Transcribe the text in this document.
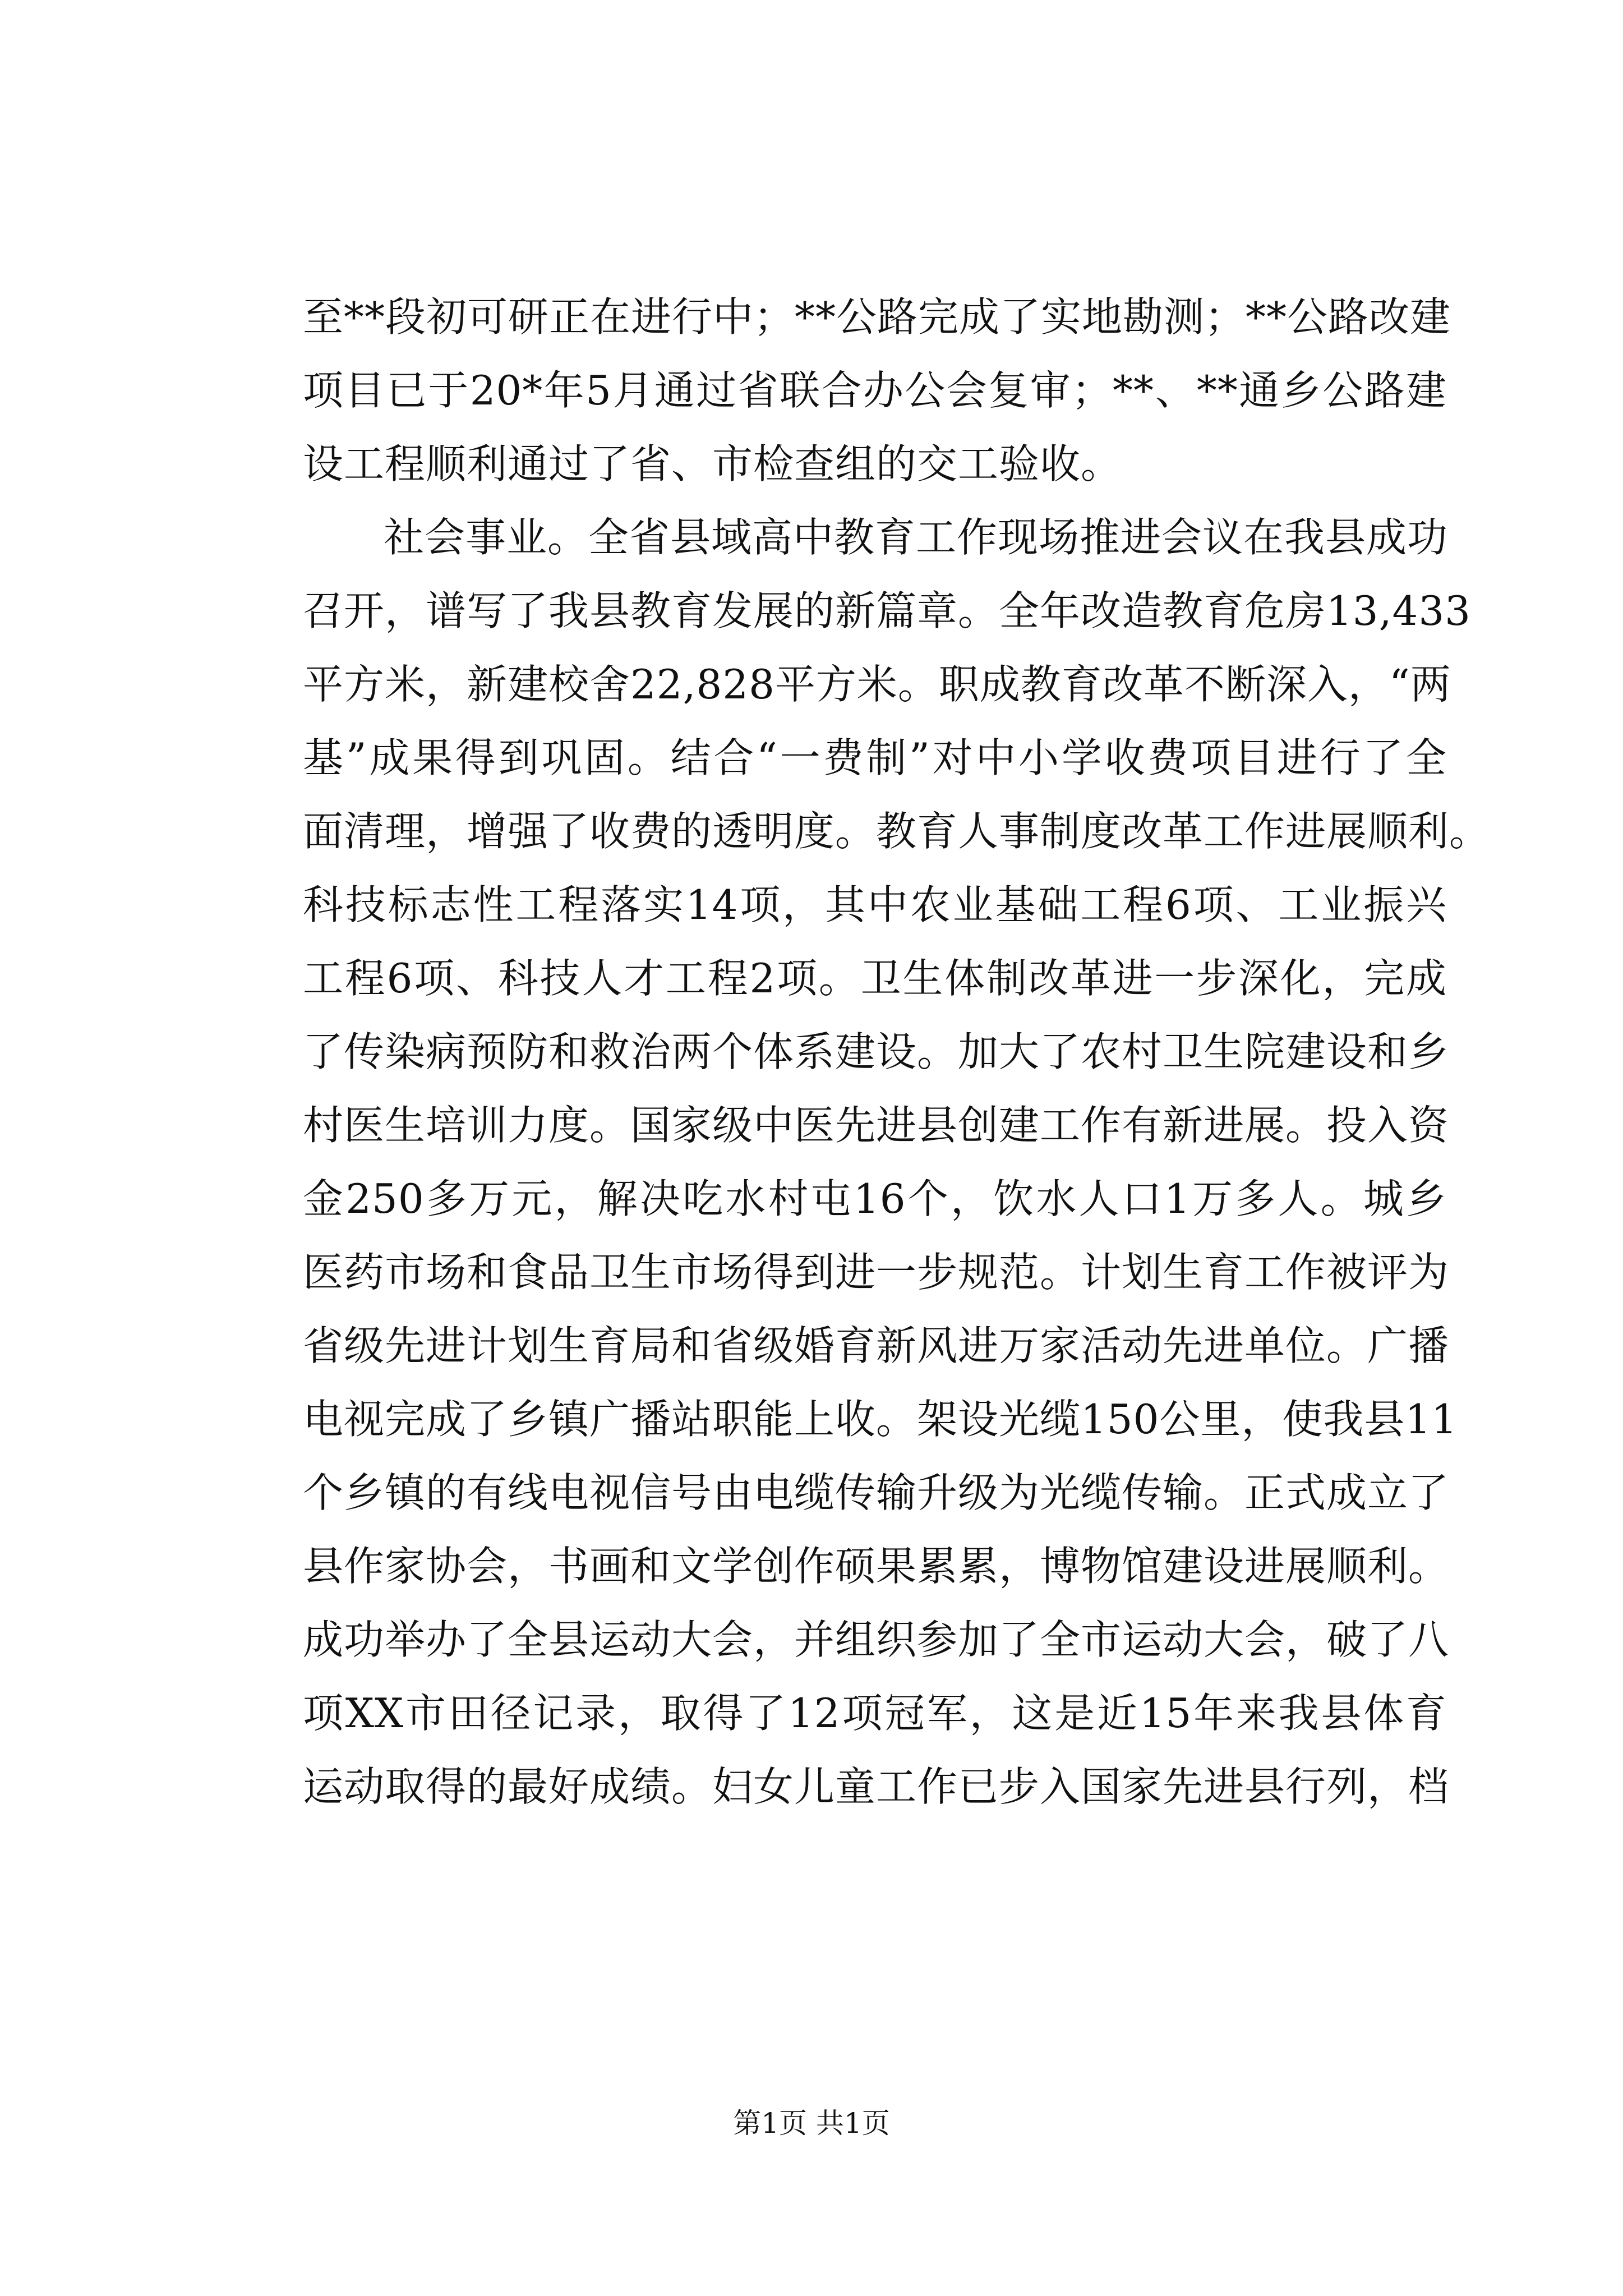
至**段初可研正在进行中；**公路完成了实地勘测；**公路改建
项目已于20*年5月通过省联合办公会复审；**、**通乡公路建
设工程顺利通过了省、市检查组的交工验收。
社会事业。全省县域高中教育工作现场推进会议在我县成功
召开，谱写了我县教育发展的新篇章。全年改造教育危房13,433
平方米，新建校舍22,828平方米。职成教育改革不断深入，“两
基”成果得到巩固。结合“一费制”对中小学收费项目进行了全
面清理，增强了收费的透明度。教育人事制度改革工作进展顺利。
科技标志性工程落实14项，其中农业基础工程6项、工业振兴
工程6项、科技人才工程2项。卫生体制改革进一步深化，完成
了传染病预防和救治两个体系建设。加大了农村卫生院建设和乡
村医生培训力度。国家级中医先进县创建工作有新进展。投入资
金250多万元，解决吃水村屯16个，饮水人口1万多人。城乡
医药市场和食品卫生市场得到进一步规范。计划生育工作被评为
省级先进计划生育局和省级婚育新风进万家活动先进单位。广播
电视完成了乡镇广播站职能上收。架设光缆150公里，使我县11
个乡镇的有线电视信号由电缆传输升级为光缆传输。正式成立了
县作家协会，书画和文学创作硕果累累，博物馆建设进展顺利。
成功举办了全县运动大会，并组织参加了全市运动大会，破了八
项XX市田径记录，取得了12项冠军，这是近15年来我县体育
运动取得的最好成绩。妇女儿童工作已步入国家先进县行列，档
第1页 共1页
